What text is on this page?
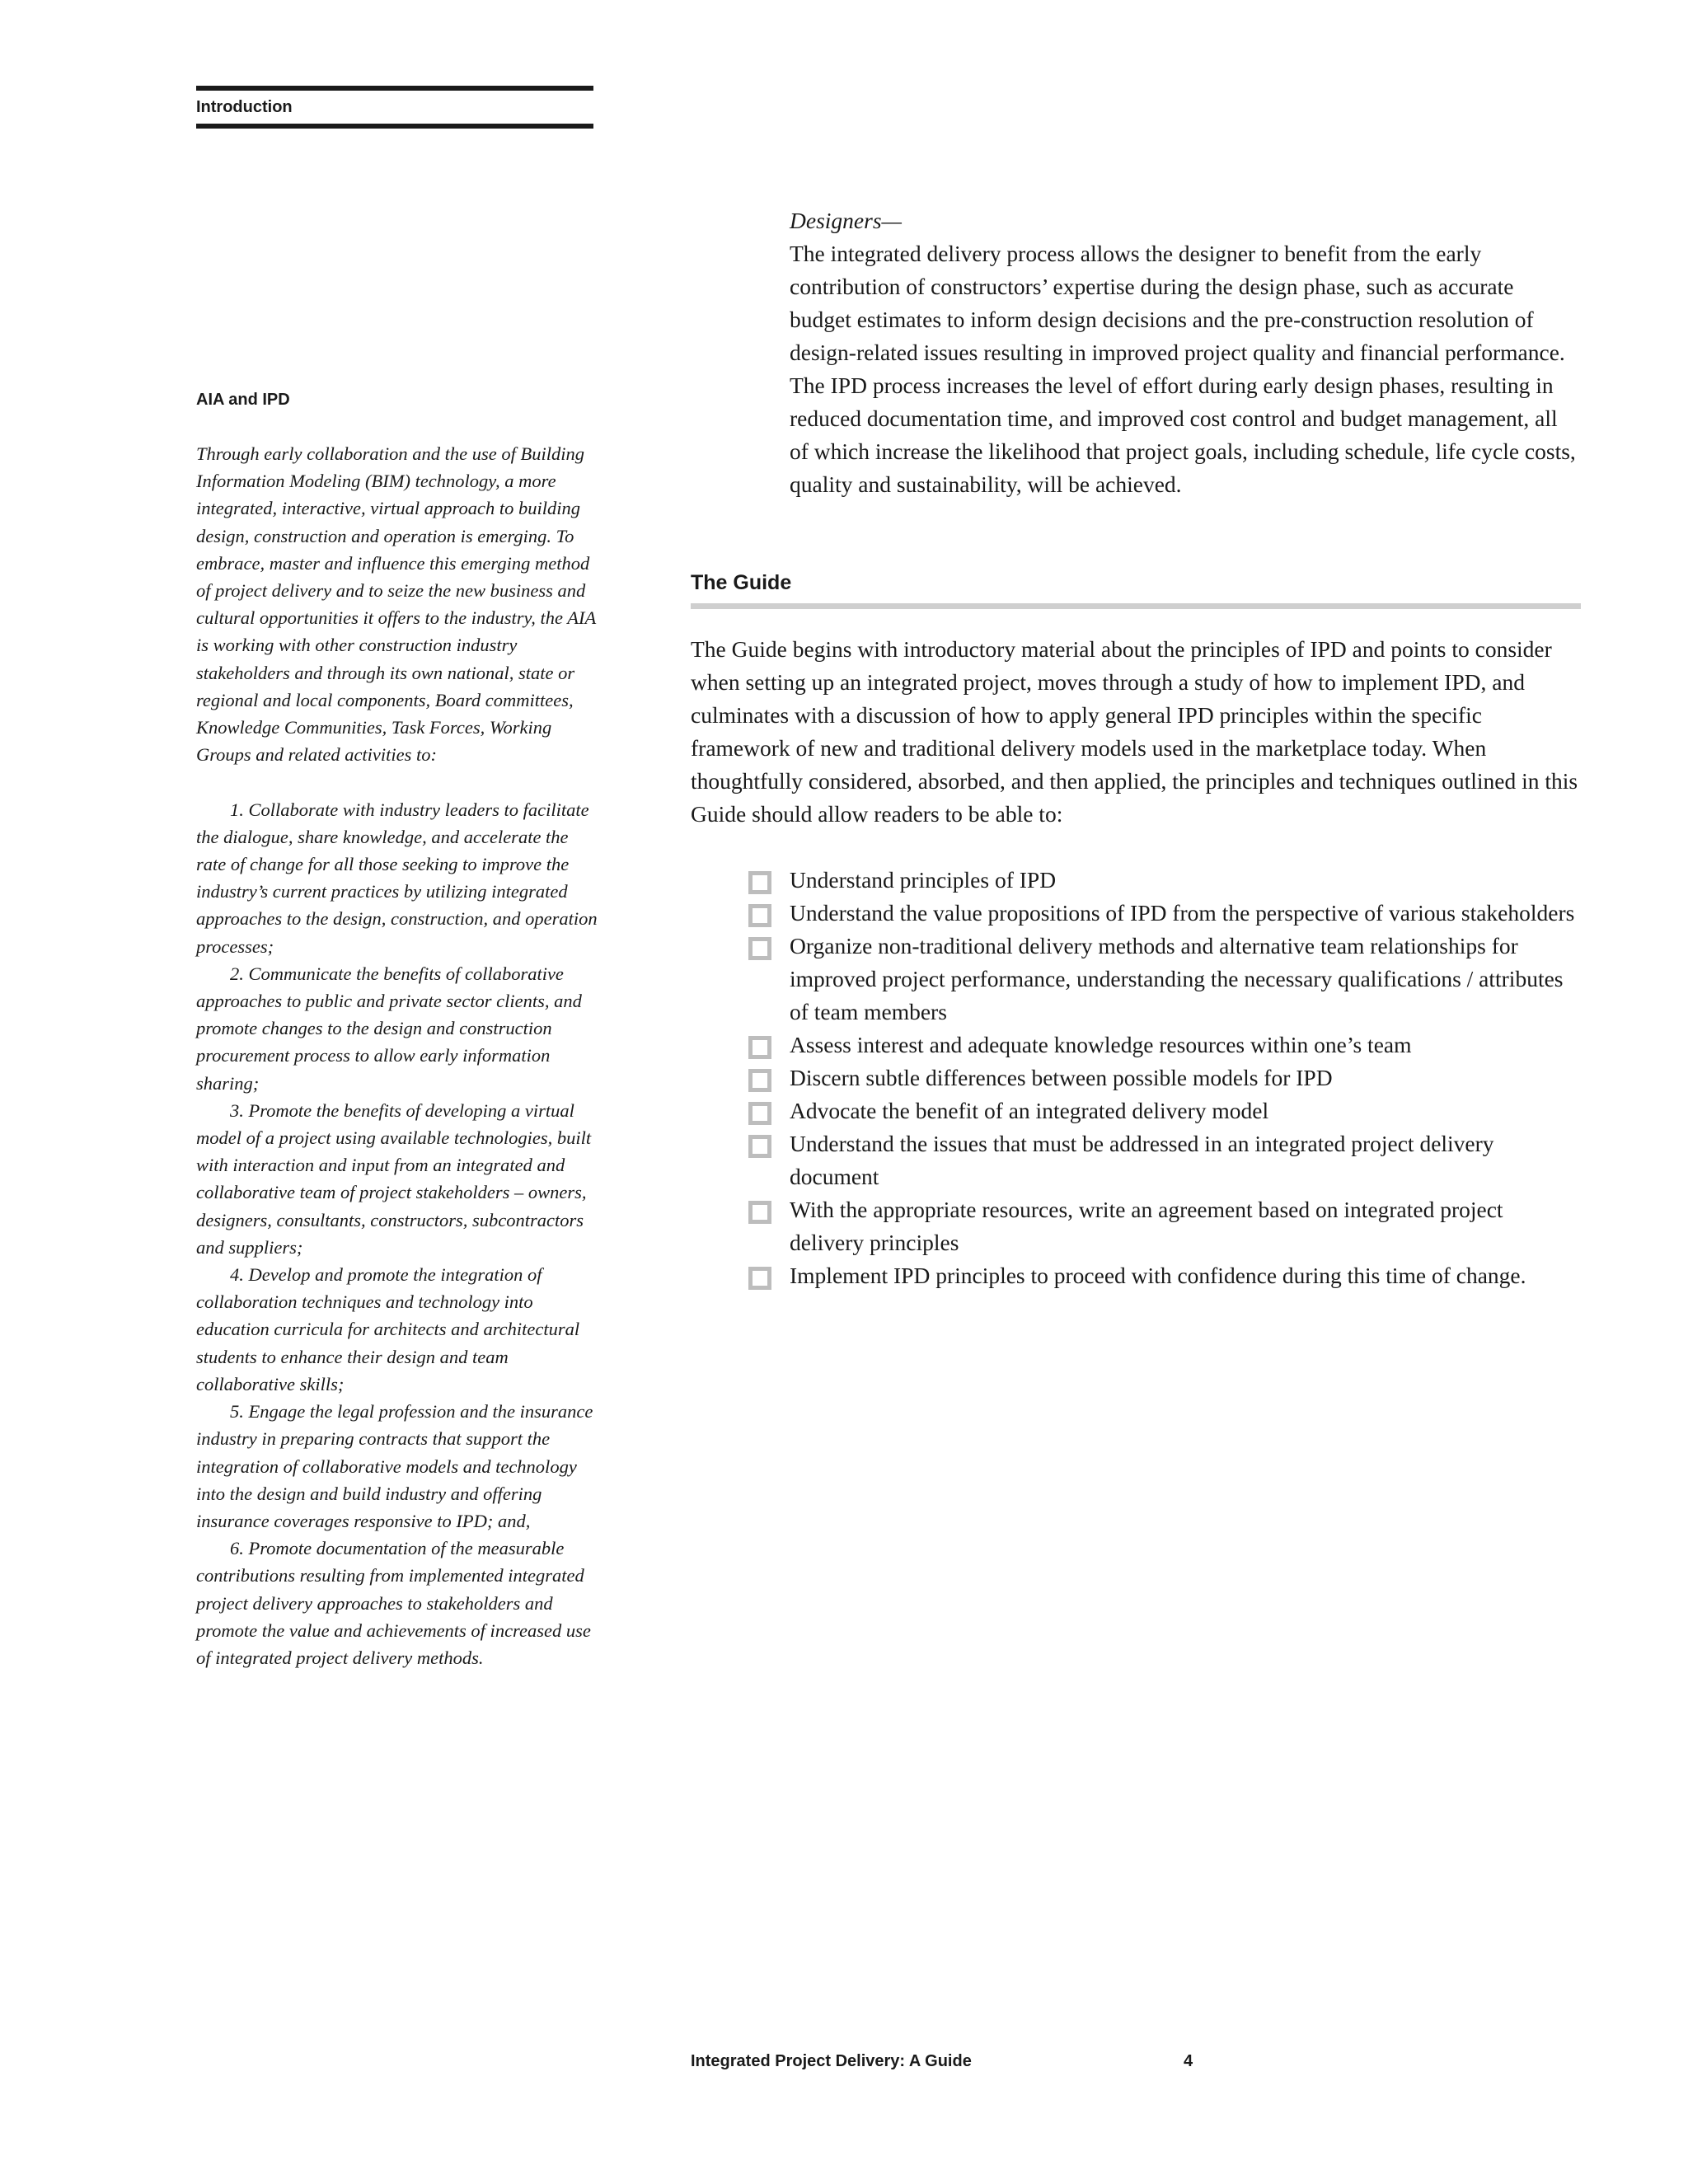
Introduction
AIA and IPD

Through early collaboration and the use of Building Information Modeling (BIM) technology, a more integrated, interactive, virtual approach to building design, construction and operation is emerging. To embrace, master and influence this emerging method of project delivery and to seize the new business and cultural opportunities it offers to the industry, the AIA is working with other construction industry stakeholders and through its own national, state or regional and local components, Board committees, Knowledge Communities, Task Forces, Working Groups and related activities to:

1. Collaborate with industry leaders to facilitate the dialogue, share knowledge, and accelerate the rate of change for all those seeking to improve the industry’s current practices by utilizing integrated approaches to the design, construction, and operation processes;

2. Communicate the benefits of collaborative approaches to public and private sector clients, and promote changes to the design and construction procurement process to allow early information sharing;

3. Promote the benefits of developing a virtual model of a project using available technologies, built with interaction and input from an integrated and collaborative team of project stakeholders – owners, designers, consultants, constructors, subcontractors and suppliers;

4. Develop and promote the integration of collaboration techniques and technology into education curricula for architects and architectural students to enhance their design and team collaborative skills;

5. Engage the legal profession and the insurance industry in preparing contracts that support the integration of collaborative models and technology into the design and build industry and offering insurance coverages responsive to IPD; and,

6. Promote documentation of the measurable contributions resulting from implemented integrated project delivery approaches to stakeholders and promote the value and achievements of increased use of integrated project delivery methods.

Designers—

The integrated delivery process allows the designer to benefit from the early contribution of constructors’ expertise during the design phase, such as accurate budget estimates to inform design decisions and the pre-construction resolution of design-related issues resulting in improved project quality and financial performance. The IPD process increases the level of effort during early design phases, resulting in reduced documentation time, and improved cost control and budget management, all of which increase the likelihood that project goals, including schedule, life cycle costs, quality and sustainability, will be achieved.

The Guide

The Guide begins with introductory material about the principles of IPD and points to consider when setting up an integrated project, moves through a study of how to implement IPD, and culminates with a discussion of how to apply general IPD principles within the specific framework of new and traditional delivery models used in the marketplace today. When thoughtfully considered, absorbed, and then applied, the principles and techniques outlined in this Guide should allow readers to be able to:

Understand principles of IPD
Understand the value propositions of IPD from the perspective of various stakeholders
Organize non-traditional delivery methods and alternative team relationships for improved project performance, understanding the necessary qualifications / attributes of team members
Assess interest and adequate knowledge resources within one’s team
Discern subtle differences between possible models for IPD
Advocate the benefit of an integrated delivery model
Understand the issues that must be addressed in an integrated project delivery document
With the appropriate resources, write an agreement based on integrated project delivery principles
Implement IPD principles to proceed with confidence during this time of change.
Integrated Project Delivery: A Guide	4
